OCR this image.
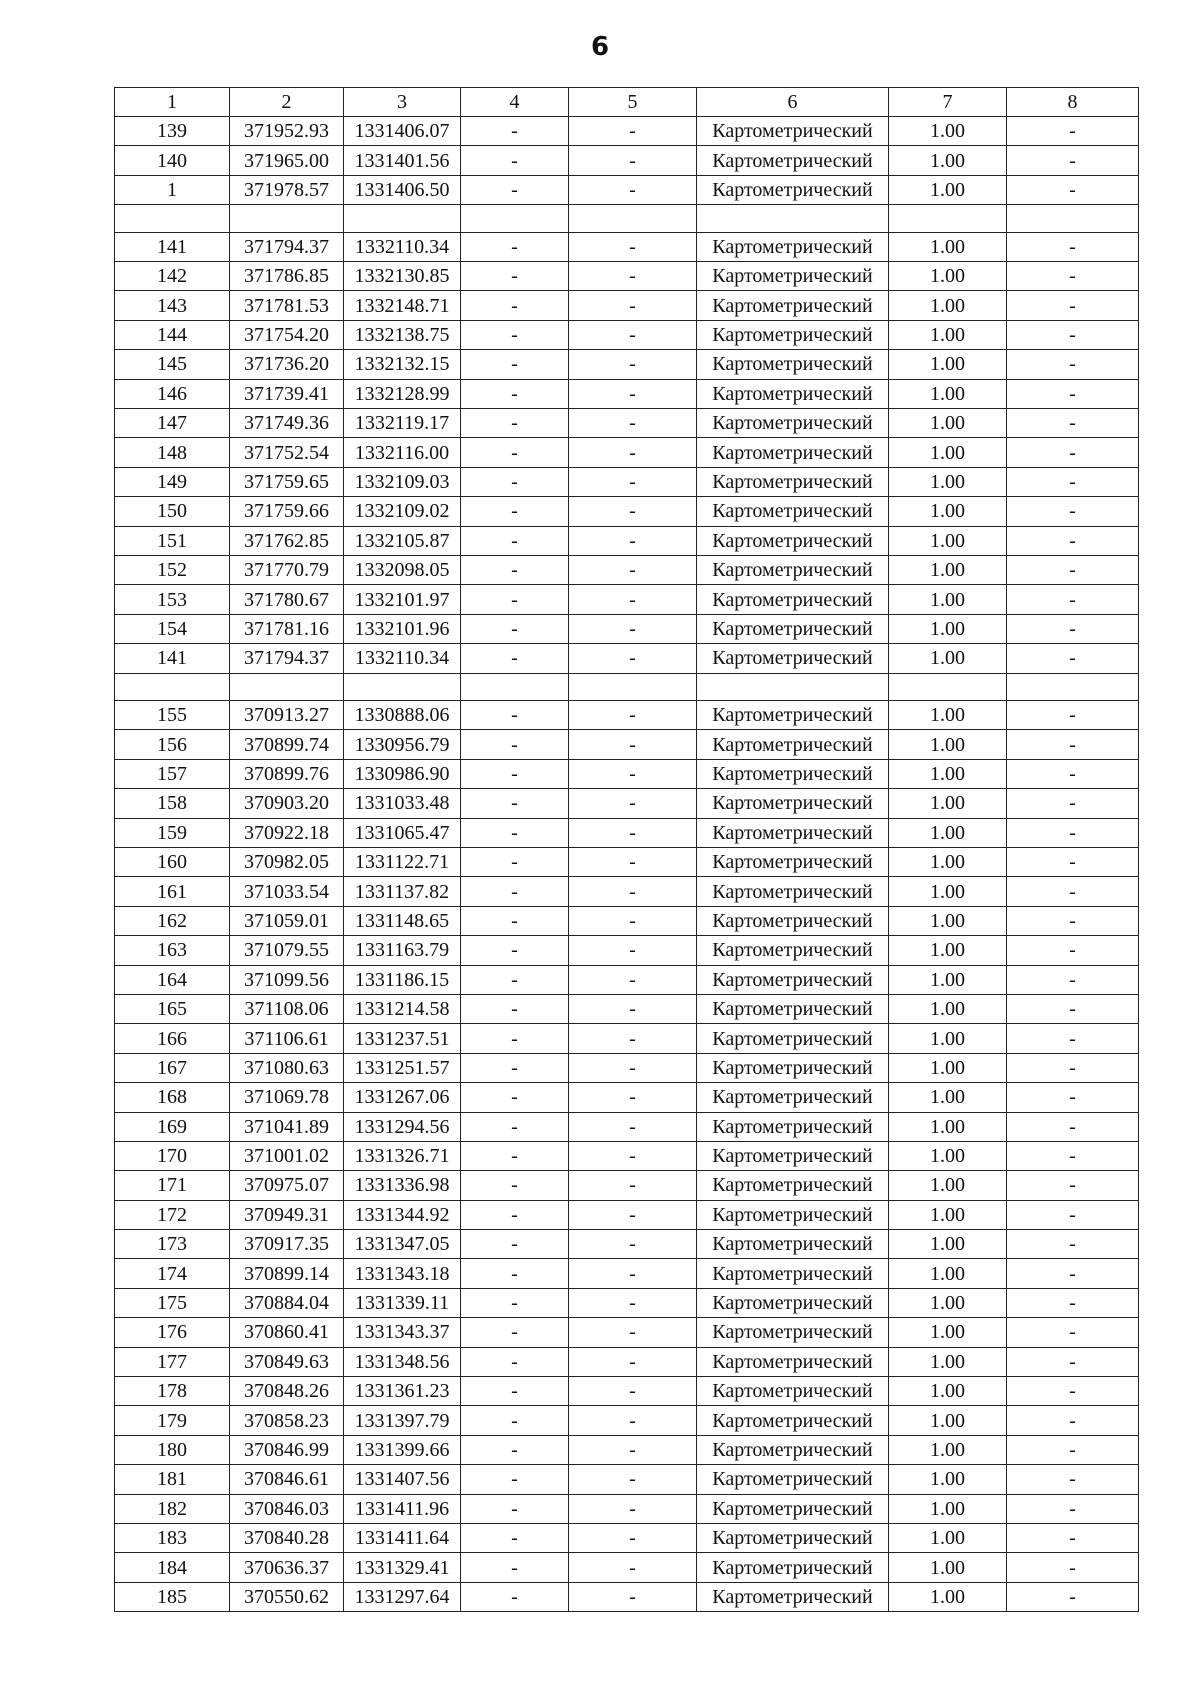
6
1	2	3	4	5	6	7	8
139	371952.93	1331406.07	-	-	Картометрический	1.00	-
140	371965.00	1331401.56	-	-	Картометрический	1.00	-
1	371978.57	1331406.50	-	-	Картометрический	1.00	-

141	371794.37	1332110.34	-	-	Картометрический	1.00	-
142	371786.85	1332130.85	-	-	Картометрический	1.00	-
143	371781.53	1332148.71	-	-	Картометрический	1.00	-
144	371754.20	1332138.75	-	-	Картометрический	1.00	-
145	371736.20	1332132.15	-	-	Картометрический	1.00	-
146	371739.41	1332128.99	-	-	Картометрический	1.00	-
147	371749.36	1332119.17	-	-	Картометрический	1.00	-
148	371752.54	1332116.00	-	-	Картометрический	1.00	-
149	371759.65	1332109.03	-	-	Картометрический	1.00	-
150	371759.66	1332109.02	-	-	Картометрический	1.00	-
151	371762.85	1332105.87	-	-	Картометрический	1.00	-
152	371770.79	1332098.05	-	-	Картометрический	1.00	-
153	371780.67	1332101.97	-	-	Картометрический	1.00	-
154	371781.16	1332101.96	-	-	Картометрический	1.00	-
141	371794.37	1332110.34	-	-	Картометрический	1.00	-

155	370913.27	1330888.06	-	-	Картометрический	1.00	-
156	370899.74	1330956.79	-	-	Картометрический	1.00	-
157	370899.76	1330986.90	-	-	Картометрический	1.00	-
158	370903.20	1331033.48	-	-	Картометрический	1.00	-
159	370922.18	1331065.47	-	-	Картометрический	1.00	-
160	370982.05	1331122.71	-	-	Картометрический	1.00	-
161	371033.54	1331137.82	-	-	Картометрический	1.00	-
162	371059.01	1331148.65	-	-	Картометрический	1.00	-
163	371079.55	1331163.79	-	-	Картометрический	1.00	-
164	371099.56	1331186.15	-	-	Картометрический	1.00	-
165	371108.06	1331214.58	-	-	Картометрический	1.00	-
166	371106.61	1331237.51	-	-	Картометрический	1.00	-
167	371080.63	1331251.57	-	-	Картометрический	1.00	-
168	371069.78	1331267.06	-	-	Картометрический	1.00	-
169	371041.89	1331294.56	-	-	Картометрический	1.00	-
170	371001.02	1331326.71	-	-	Картометрический	1.00	-
171	370975.07	1331336.98	-	-	Картометрический	1.00	-
172	370949.31	1331344.92	-	-	Картометрический	1.00	-
173	370917.35	1331347.05	-	-	Картометрический	1.00	-
174	370899.14	1331343.18	-	-	Картометрический	1.00	-
175	370884.04	1331339.11	-	-	Картометрический	1.00	-
176	370860.41	1331343.37	-	-	Картометрический	1.00	-
177	370849.63	1331348.56	-	-	Картометрический	1.00	-
178	370848.26	1331361.23	-	-	Картометрический	1.00	-
179	370858.23	1331397.79	-	-	Картометрический	1.00	-
180	370846.99	1331399.66	-	-	Картометрический	1.00	-
181	370846.61	1331407.56	-	-	Картометрический	1.00	-
182	370846.03	1331411.96	-	-	Картометрический	1.00	-
183	370840.28	1331411.64	-	-	Картометрический	1.00	-
184	370636.37	1331329.41	-	-	Картометрический	1.00	-
185	370550.62	1331297.64	-	-	Картометрический	1.00	-
